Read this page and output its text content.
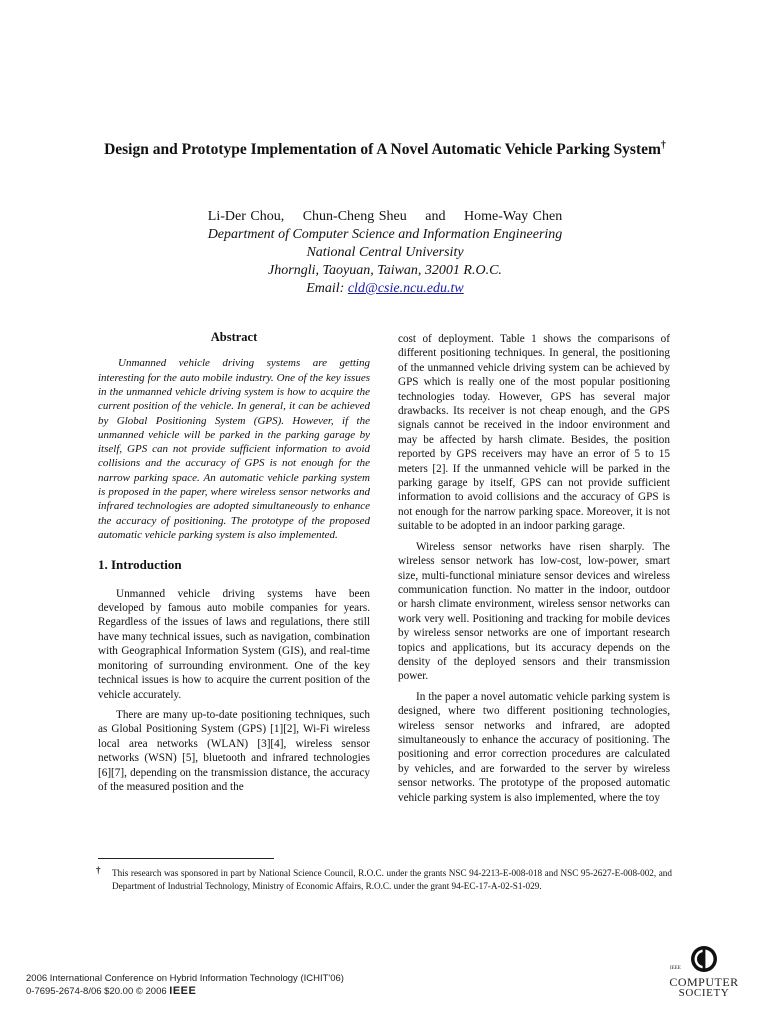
Design and Prototype Implementation of A Novel Automatic Vehicle Parking System†
Li-Der Chou, Chun-Cheng Sheu and Home-Way Chen
Department of Computer Science and Information Engineering
National Central University
Jhorngli, Taoyuan, Taiwan, 32001 R.O.C.
Email: cld@csie.ncu.edu.tw
Abstract

Unmanned vehicle driving systems are getting interesting for the auto mobile industry. One of the key issues in the unmanned vehicle driving system is how to acquire the current position of the vehicle. In general, it can be achieved by Global Positioning System (GPS). However, if the unmanned vehicle will be parked in the parking garage by itself, GPS can not provide sufficient information to avoid collisions and the accuracy of GPS is not enough for the narrow parking space. An automatic vehicle parking system is proposed in the paper, where wireless sensor networks and infrared technologies are adopted simultaneously to enhance the accuracy of positioning. The prototype of the proposed automatic vehicle parking system is also implemented.

1. Introduction

Unmanned vehicle driving systems have been developed by famous auto mobile companies for years. Regardless of the issues of laws and regulations, there still have many technical issues, such as navigation, combination with Geographical Information System (GIS), and real-time monitoring of surrounding environment. One of the key technical issues is how to acquire the current position of the vehicle accurately.

There are many up-to-date positioning techniques, such as Global Positioning System (GPS) [1][2], Wi-Fi wireless local area networks (WLAN) [3][4], wireless sensor networks (WSN) [5], bluetooth and infrared technologies [6][7], depending on the transmission distance, the accuracy of the measured position and the

cost of deployment. Table 1 shows the comparisons of different positioning techniques. In general, the positioning of the unmanned vehicle driving system can be achieved by GPS which is really one of the most popular positioning technologies today. However, GPS has several major drawbacks. Its receiver is not cheap enough, and the GPS signals cannot be received in the indoor environment and may be affected by harsh climate. Besides, the position reported by GPS receivers may have an error of 5 to 15 meters [2]. If the unmanned vehicle will be parked in the parking garage by itself, GPS can not provide sufficient information to avoid collisions and the accuracy of GPS is not enough for the narrow parking space. Moreover, it is not suitable to be adopted in an indoor parking garage.

Wireless sensor networks have risen sharply. The wireless sensor network has low-cost, low-power, smart size, multi-functional miniature sensor devices and wireless communication function. No matter in the indoor, outdoor or harsh climate environment, wireless sensor networks can work very well. Positioning and tracking for mobile devices by wireless sensor networks are one of important research topics and applications, but its accuracy depends on the density of the deployed sensors and their transmission power.

In the paper a novel automatic vehicle parking system is designed, where two different positioning technologies, wireless sensor networks and infrared, are adopted simultaneously to enhance the accuracy of positioning. The positioning and error correction procedures are calculated by vehicles, and are forwarded to the server by wireless sensor networks. The prototype of the proposed automatic vehicle parking system is also implemented, where the toy

†	This research was sponsored in part by National Science Council, R.O.C. under the grants NSC 94-2213-E-008-018 and NSC 95-2627-E-008-002, and Department of Industrial Technology, Ministry of Economic Affairs, R.O.C. under the grant 94-EC-17-A-02-S1-029.
2006 International Conference on Hybrid Information Technology (ICHIT'06)
0-7695-2674-8/06 $20.00 © 2006 IEEE
IEEE
COMPUTER
SOCIETY
